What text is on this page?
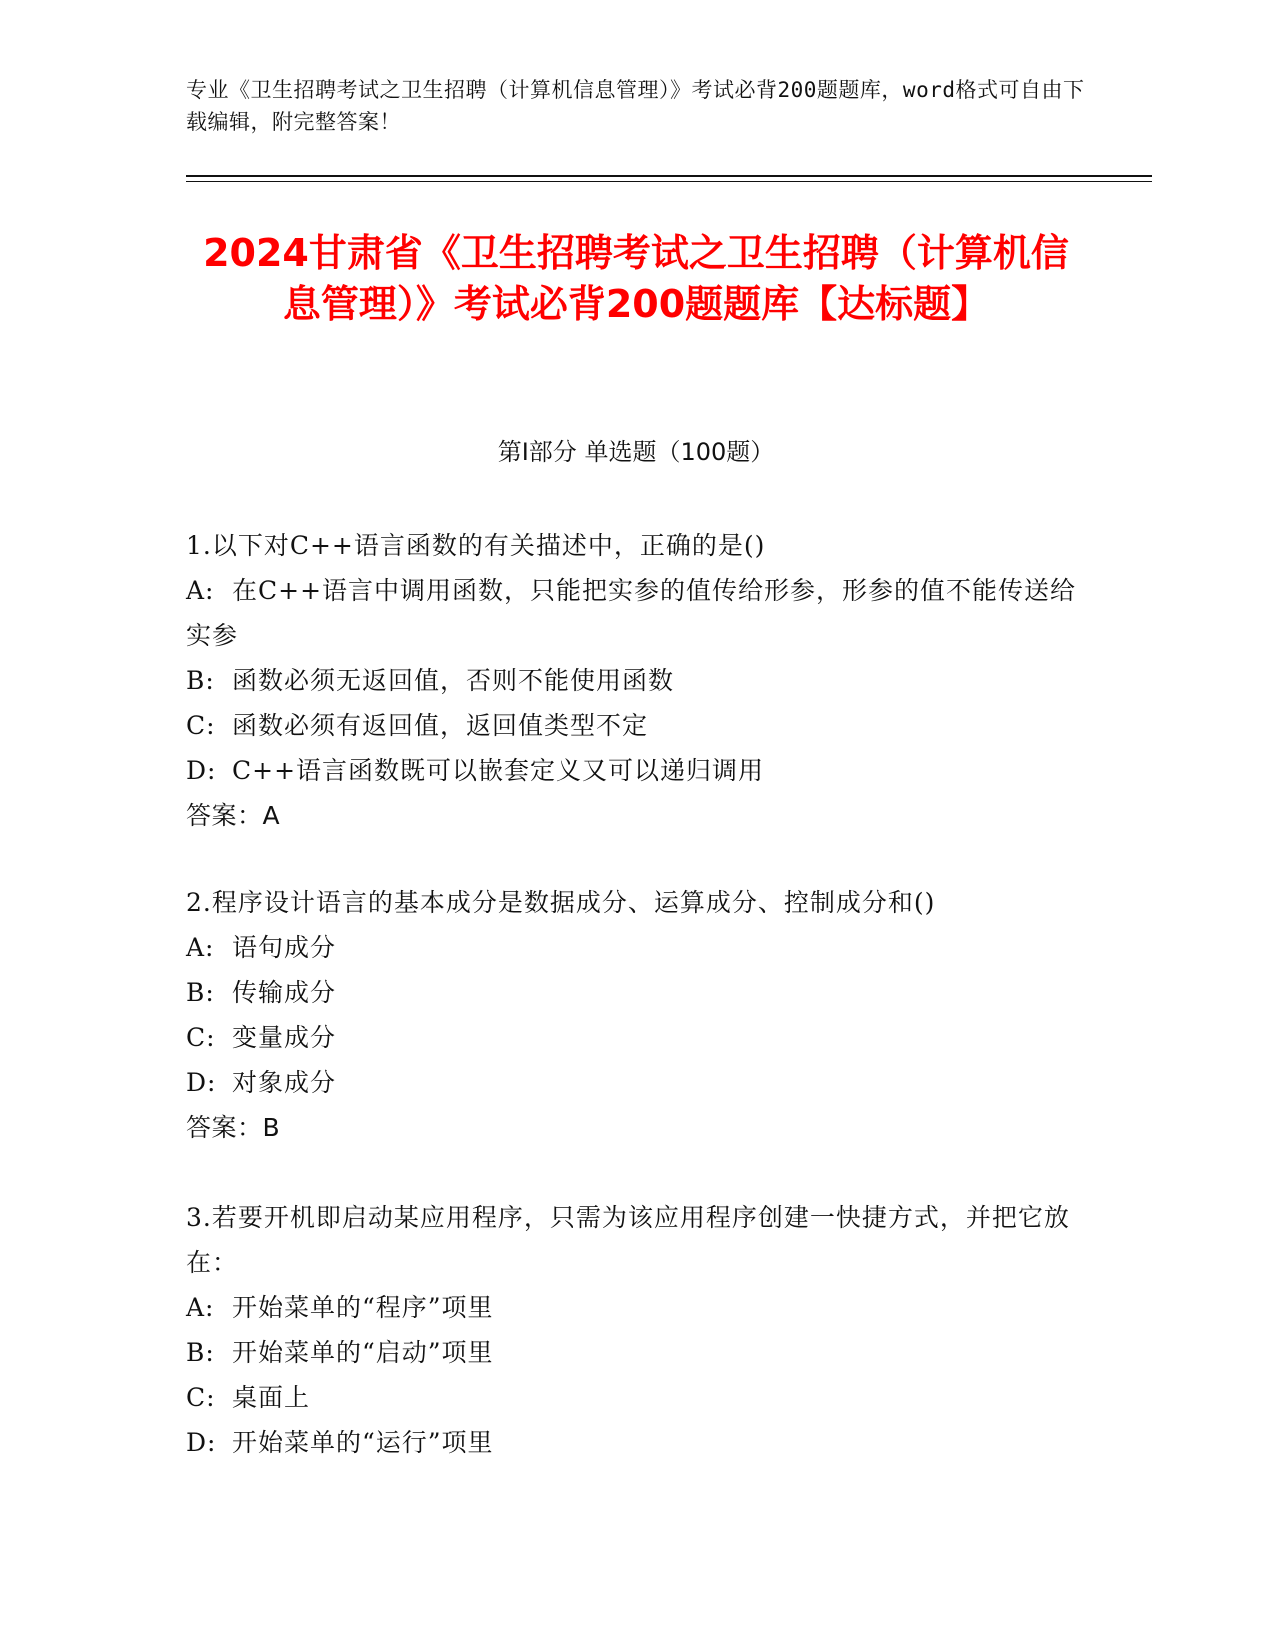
专业《卫生招聘考试之卫生招聘（计算机信息管理）》考试必背200题题库，word格式可自由下载编辑，附完整答案！
2024甘肃省《卫生招聘考试之卫生招聘（计算机信息管理）》考试必背200题题库【达标题】
第Ⅰ部分 单选题（100题）
1.以下对C++语言函数的有关描述中，正确的是()
A: 在C++语言中调用函数，只能把实参的值传给形参，形参的值不能传送给实参
B: 函数必须无返回值，否则不能使用函数
C: 函数必须有返回值，返回值类型不定
D: C++语言函数既可以嵌套定义又可以递归调用
答案：A
2.程序设计语言的基本成分是数据成分、运算成分、控制成分和()
A: 语句成分
B: 传输成分
C: 变量成分
D: 对象成分
答案：B
3.若要开机即启动某应用程序，只需为该应用程序创建一快捷方式，并把它放在：
A: 开始菜单的“程序”项里
B: 开始菜单的“启动”项里
C: 桌面上
D: 开始菜单的“运行”项里
